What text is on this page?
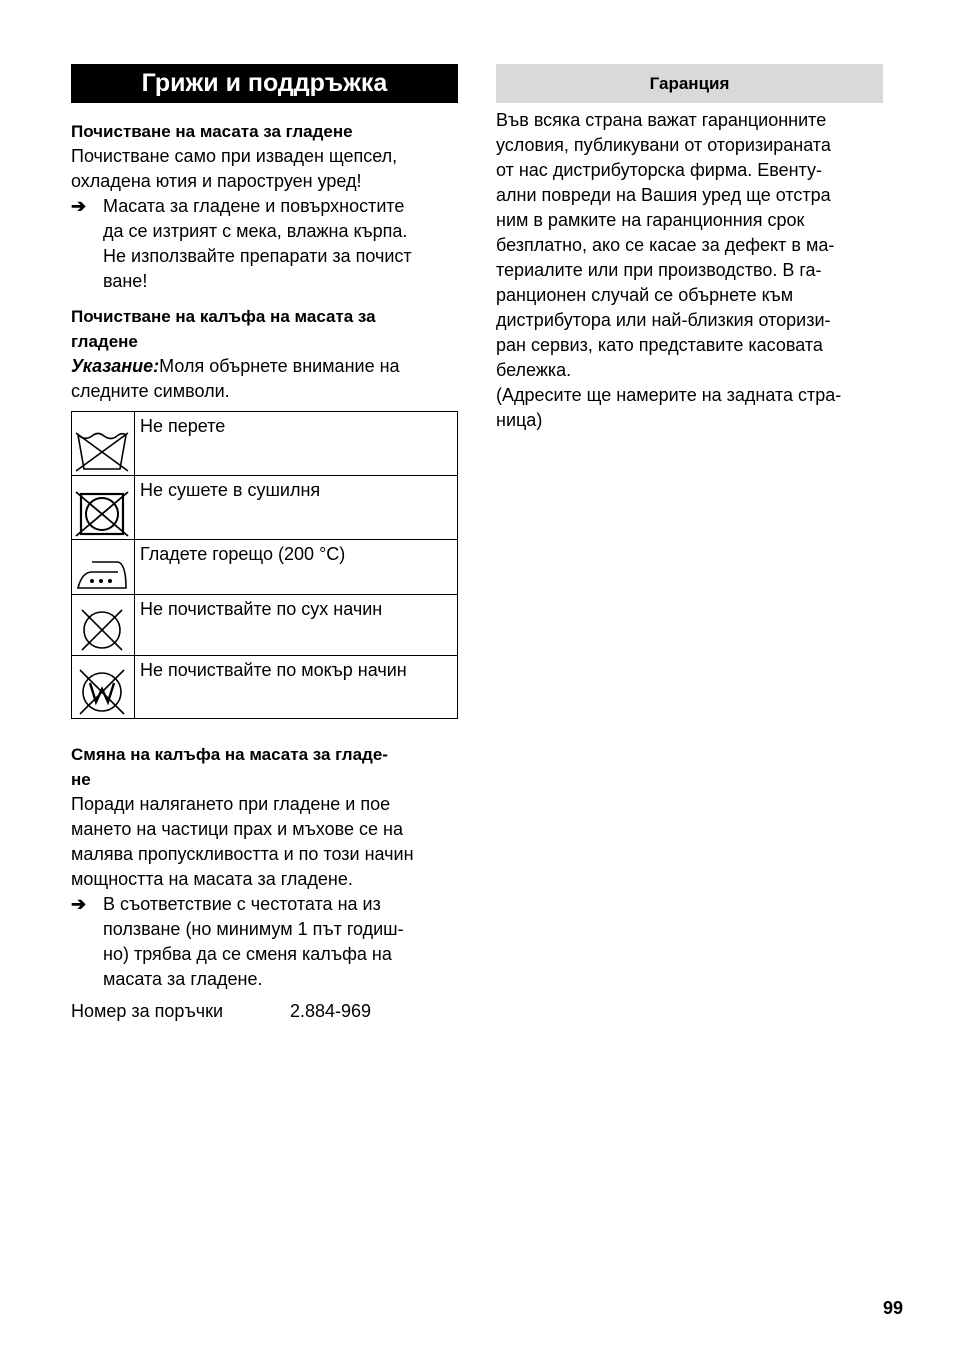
Грижи и поддръжка

Почистване на масата за гладене

Почистване само при изваден щепсел,

охладена ютия и пароструен уред!

➔ Масата за гладене и повърхностите
да се изтрият с мека, влажна кърпа.
Не използвайте препарати за почист
ване!

Почистване на калъфа на масата за

гладене

Указание:Моля обърнете внимание на

следните символи.

	Не перете

	Не сушете в сушилня

	Гладете горещо (200 °C)

	Не почиствайте по сух начин

	Не почиствайте по мокър начин

Смяна на калъфа на масата за гладе-

не

Поради налягането при гладене и пое

манeто на частици прах и мъхове се на

малява пропускливостта и по този начин

мощността на масата за гладене.

➔ В съответствие с честотата на из
ползване (но минимум 1 път годиш-
но) трябва да се сменя калъфа на
масата за гладене.
Номер за поръчки	2.884-969
Гаранция

Във всяка страна важат гаранционните

условия, публикувани от оторизираната

от нас дистрибуторска фирма. Евенту-

ални повреди на Вашия уред ще отстра

ним в рамките на гаранционния срок

безплатно, ако се касае за дефект в ма-

териалите или при производство. В га-

ранционен случай се обърнете към

дистрибутора или най-близкия оторизи-

ран сервиз, като представите касовата

бележка.

(Адресите ще намерите на задната стра-

ница)

99
